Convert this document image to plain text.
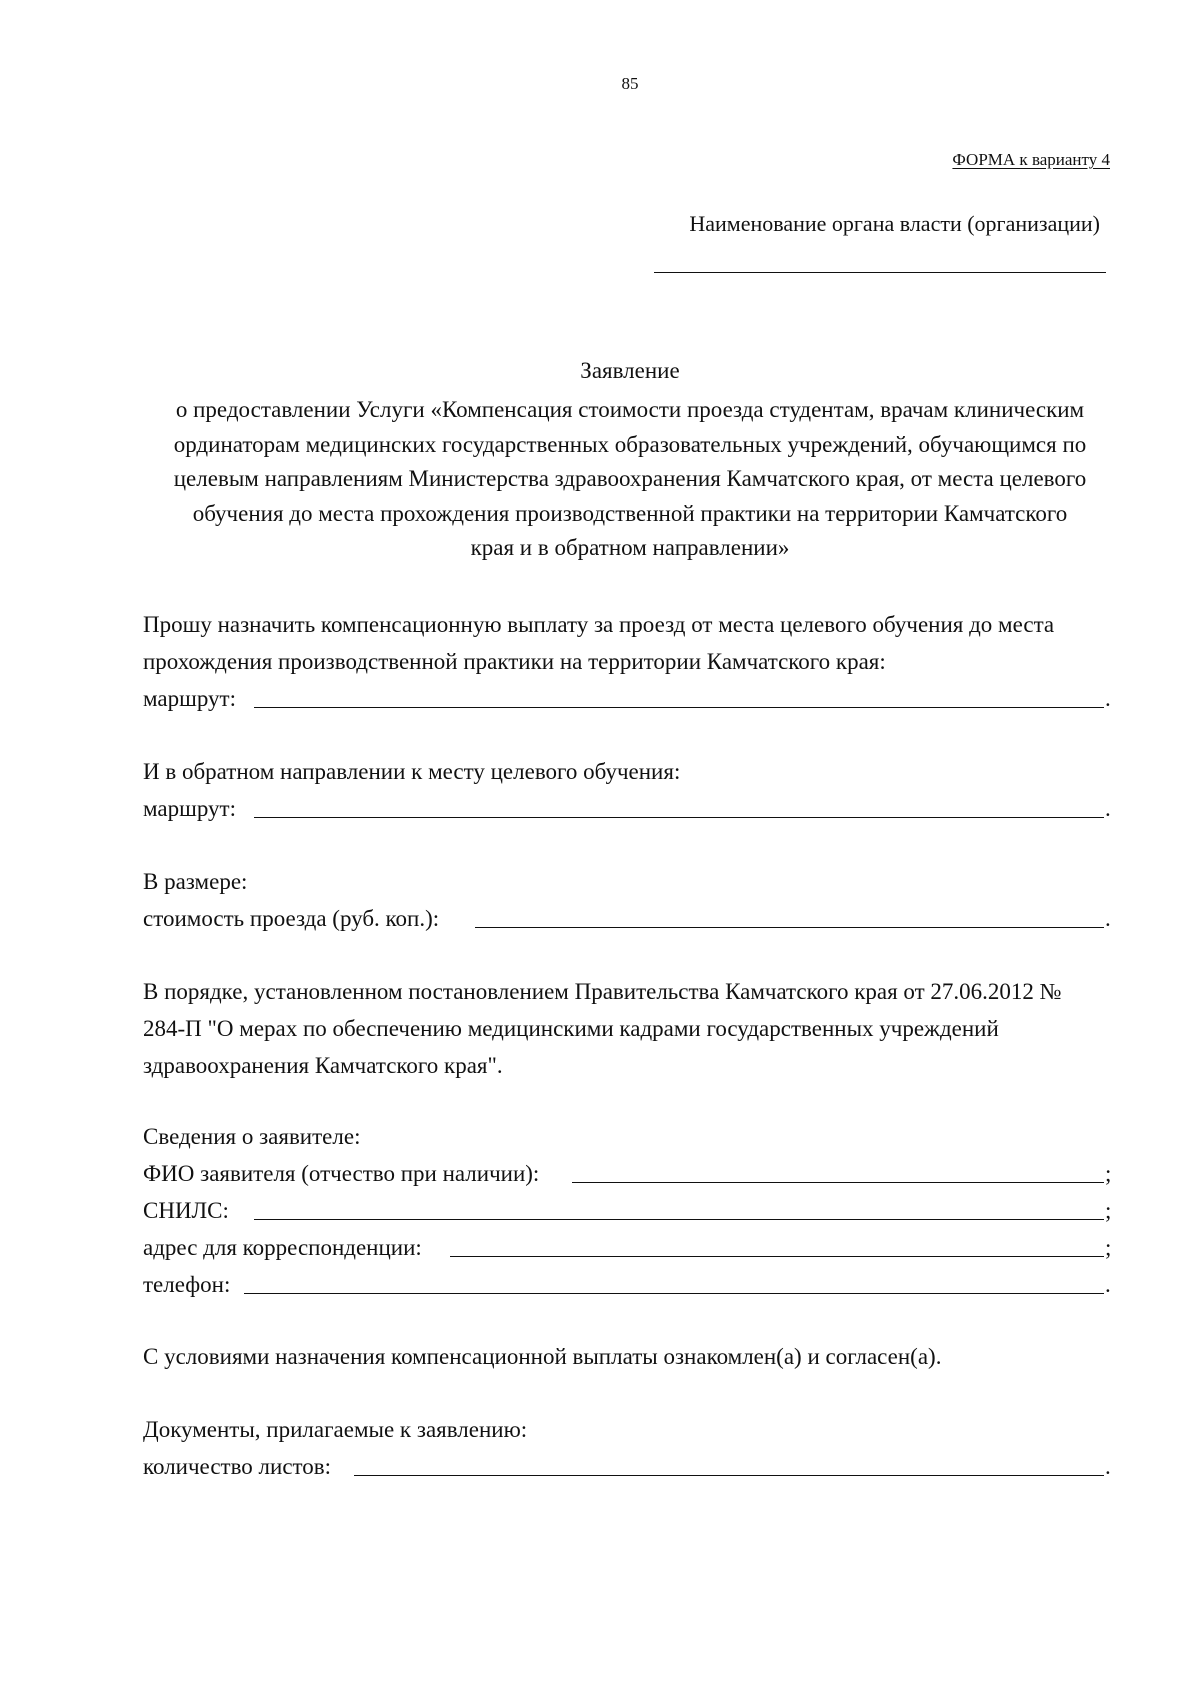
85
ФОРМА к варианту 4
Наименование органа власти (организации)
Заявление
о предоставлении Услуги «Компенсация стоимости проезда студентам, врачам клиническим
ординаторам медицинских государственных образовательных учреждений, обучающимся по
целевым направлениям Министерства здравоохранения Камчатского края, от места целевого
обучения до места прохождения производственной практики на территории Камчатского
края и в обратном направлении»
Прошу назначить компенсационную выплату за проезд от места целевого обучения до места
прохождения производственной практики на территории Камчатского края:
маршрут:	.
И в обратном направлении к месту целевого обучения:
маршрут:	.
В размере:
стоимость проезда (руб. коп.):	.
В порядке, установленном постановлением Правительства Камчатского края от 27.06.2012 №
284-П "О мерах по обеспечению медицинскими кадрами государственных учреждений
здравоохранения Камчатского края".
Сведения о заявителе:
ФИО заявителя (отчество при наличии):	;
СНИЛС:	;
адрес для корреспонденции:	;
телефон:	.
С условиями назначения компенсационной выплаты ознакомлен(а) и согласен(а).
Документы, прилагаемые к заявлению:
количество листов:	.
